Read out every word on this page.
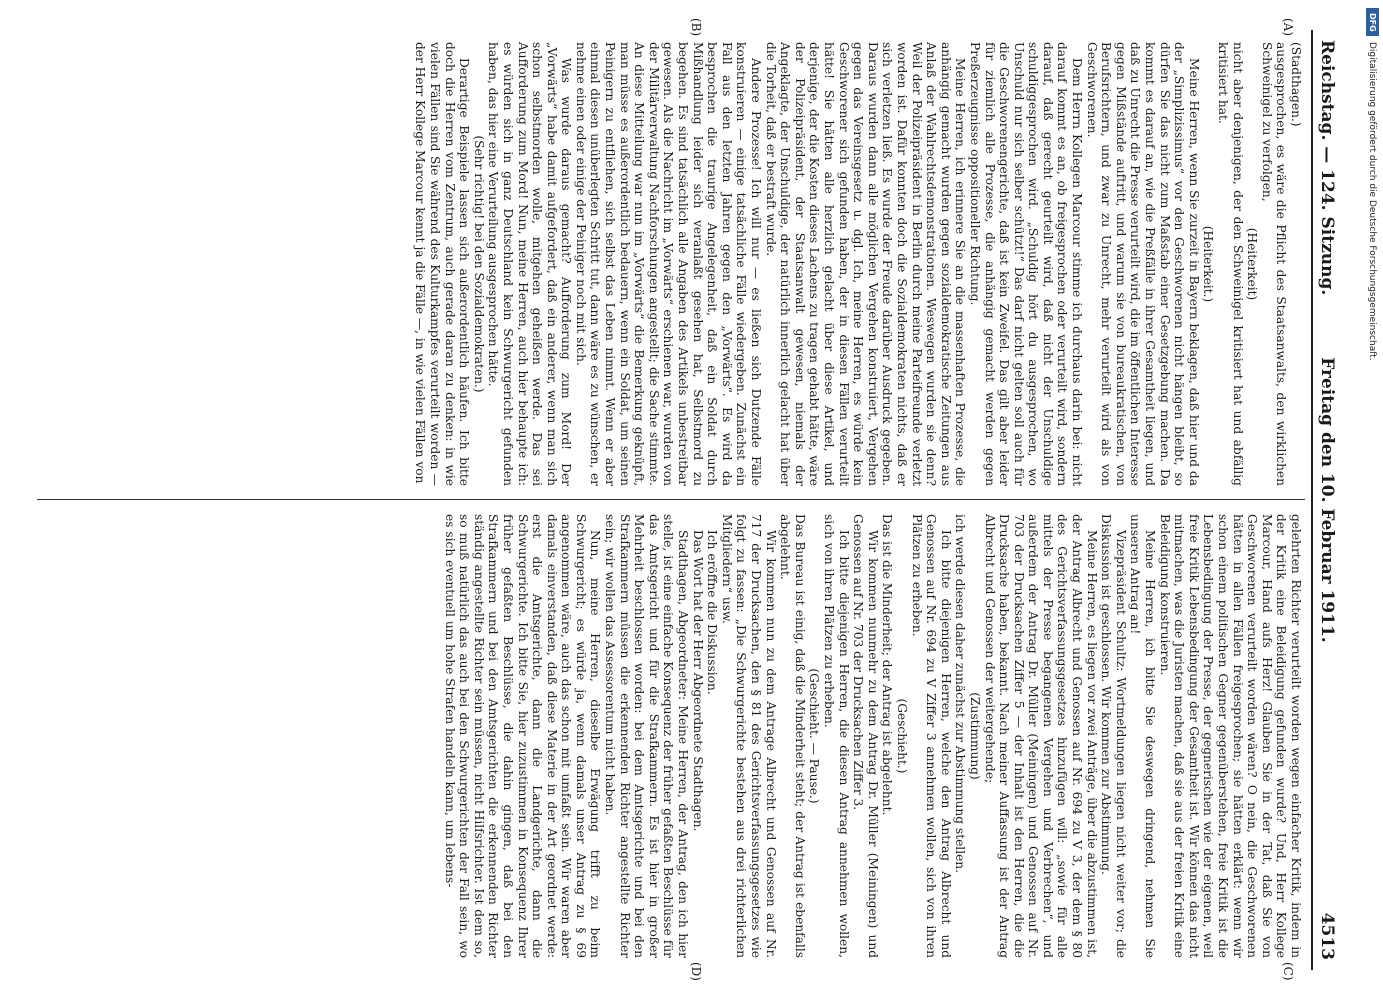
Reichstag. — 124. Sitzung.
Freitag den 10. Februar 1911.
4513
(A)
(B)
(C)
(D)

(Stadthagen.)

ausgesprochen, es wäre die Pflicht des Staatsanwalts, den wirklichen Schweinigel zu verfolgen,

(Heiterkeit)

nicht aber denjenigen, der den Schweinigel kritisiert hat und abfällig kritisiert hat.

(Heiterkeit.)

Meine Herren, wenn Sie zurzeit in Bayern beklagen, daß hier und da der „Simplizissimus“ vor den Geschworenen nicht hängen bleibt, so dürfen Sie das nicht zum Maßstab einer Gesetzgebung machen. Da kommt es darauf an, wie die Preßfälle in ihrer Gesamtheit liegen, und daß zu Unrecht die Presse verurteilt wird, die im öffentlichen Interesse gegen Mißstände auftritt, und warum sie von bureaukratischen, von Berufsrichtern, und zwar zu Unrecht, mehr verurteilt wird als von Geschworenen.

Dem Herrn Kollegen Marcour stimme ich durchaus darin bei: nicht darauf kommt es an, ob freigesprochen oder verurteilt wird, sondern darauf, daß gerecht geurteilt wird, daß nicht der Unschuldige schuldiggesprochen wird. „Schuldig hört du ausgesprochen, wo Unschuld nur sich selber schützt!“ Das darf nicht gelten soll auch für die Geschworenengerichte, daß ist kein Zweifel. Das gilt aber leider für ziemlich alle Prozesse, die anhängig gemacht werden gegen Preßerzeugnisse oppositioneller Richtung.

Meine Herren, ich erinnere Sie an die massenhaften Prozesse, die anhängig gemacht wurden gegen sozialdemokratische Zeitungen aus Anlaß der Wahlrechtsdemonstrationen. Weswegen wurden sie denn? Weil der Polizeipräsident in Berlin durch meine Parteifreunde verletzt worden ist. Dafür konnten doch die Sozialdemokraten nichts, daß er sich verletzen ließ. Es wurde der Freude darüber Ausdruck gegeben. Daraus wurden dann alle möglichen Vergehen konstruiert, Vergehen gegen das Vereinsgesetz u. dgl. Ich, meine Herren, es würde kein Geschworener sich gefunden haben, der in diesen Fällen verurteilt hätte! Sie hätten alle herzlich gelacht über diese Artikel, und derjenige, der die Kosten dieses Lachens zu tragen gehabt hätte, wäre der Polizeipräsident, der Staatsanwalt gewesen, niemals der Angeklagte, der Unschuldige, der natürlich innerlich gelacht hat über die Torheit, daß er bestraft wurde.

Andere Prozesse! Ich will nur — es ließen sich Dutzende Fälle konstruieren — einige tatsächliche Fälle wiedergeben. Zunächst ein Fall aus den letzten Jahren gegen den „Vorwärts“. Es wird da besprochen die traurige Angelegenheit, daß ein Soldat durch Mißhandlung leider sich veranlaßt gesehen hat, Selbstmord zu begehen. Es sind tatsächlich alle Angaben des Artikels unbestreitbar gewesen. Als die Nachricht im „Vorwärts“ erschienen war, wurden von der Militärverwaltung Nachforschungen angestellt; die Sache stimmte. An diese Mitteilung war nun im „Vorwärts“ die Bemerkung geknüpft, man müsse es außerordentlich bedauern, wenn ein Soldat, um seinen Peinigern zu entfliehen, sich selbst das Leben nimmt. Wenn er aber einmal diesen unüberlegten Schritt tut, dann wäre es zu wünschen, er nehme einen oder einige der Peiniger noch mit sich.

Was wurde daraus gemacht? Aufforderung zum Mord! Der „Vorwärts“ habe damit aufgefordert, daß ein anderer, wenn man sich schon selbstmorden wolle, mitgehen geheißen werde. Das sei Aufforderung zum Mord! Nun, meine Herren, auch hier behaupte ich: es würden sich in ganz Deutschland kein Schwurgericht gefunden haben, das hier eine Verurteilung ausgesprochen hätte.

(Sehr richtig! bei den Sozialdemokraten.)

Derartige Beispiele lassen sich außerordentlich häufen. Ich bitte doch die Herren vom Zentrum, auch gerade daran zu denken: in wie vielen Fällen sind Sie während des Kulturkampfes verurteilt worden — der Herr Kollege Marcour kennt ja die Fälle —, in wie vielen Fällen von

gelehrten Richter verurteilt worden wegen einfacher Kritik, indem in der Kritik eine Beleidigung gefunden wurde? Und, Herr Kollege Marcour, Hand aufs Herz! Glauben Sie in der Tat, daß Sie von Geschworenen verurteilt worden wären? O nein, die Geschworenen hätten in allen Fällen freigesprochen; sie hätten erklärt: wenn wir schon einem politischen Gegner gegenüberstehen, freie Kritik ist die Lebensbedingung der Presse, der gegnerischen wie der eigenen, weil freie Kritik Lebensbedingung der Gesamtheit ist. Wir können das nicht mitmachen, was die Juristen machen, daß sie aus der freien Kritik eine Beleidigung konstruieren.

Meine Herren, ich bitte Sie deswegen dringend, nehmen Sie unseren Antrag an!

Vizepräsident Schultz: Wortmeldungen liegen nicht weiter vor; die Diskussion ist geschlossen. Wir kommen zur Abstimmung.

Meine Herren, es liegen vor zwei Anträge, über die abzustimmen ist, der Antrag Albrecht und Genossen auf Nr. 694 zu V 3, der dem § 80 des Gerichtsverfassungsgesetzes hinzufügen will: „sowie für alle mittels der Presse begangenen Vergehen und Verbrechen“, und außerdem der Antrag Dr. Müller (Meiningen) und Genossen auf Nr. 703 der Drucksachen Ziffer 5 — der Inhalt ist den Herren, die die Drucksache haben, bekannt. Nach meiner Auffassung ist der Antrag Albrecht und Genossen der weitergehende;

(Zustimmung)

ich werde diesen daher zunächst zur Abstimmung stellen.

Ich bitte diejenigen Herren, welche den Antrag Albrecht und Genossen auf Nr. 694 zu V Ziffer 3 annehmen wollen, sich von ihren Plätzen zu erheben.

(Geschieht.)

Das ist die Minderheit; der Antrag ist abgelehnt.

Wir kommen nunmehr zu dem Antrag Dr. Müller (Meiningen) und Genossen auf Nr. 703 der Drucksachen Ziffer 3.

Ich bitte diejenigen Herren, die diesen Antrag annehmen wollen, sich von ihren Plätzen zu erheben.

(Geschieht. — Pause.)

Das Bureau ist einig, daß die Minderheit steht; der Antrag ist ebenfalls abgelehnt.

Wir kommen nun zu dem Antrage Albrecht und Genossen auf Nr. 717 der Drucksachen, den § 81 des Gerichtsverfassungsgesetzes wie folgt zu fassen: „Die Schwurgerichte bestehen aus drei richterlichen Mitgliedern“ usw.

Ich eröffne die Diskussion.

Das Wort hat der Herr Abgeordnete Stadthagen.

Stadthagen, Abgeordneter: Meine Herren, der Antrag, den ich hier stelle, ist eine einfache Konsequenz der früher gefaßten Beschlüsse für das Amtsgericht und für die Strafkammern. Es ist hier in großer Mehrheit beschlossen worden: bei dem Amtsgerichte und bei den Strafkammern müssen die erkennenden Richter angestellte Richter sein; wir wollen das Assessorentum nicht haben.

Nun, meine Herren, dieselbe Erwägung trifft zu beim Schwurgericht; es würde ja, wenn damals unser Antrag zu § 69 angenommen wäre, auch das schon mit umfaßt sein. Wir waren aber damals einverstanden, daß diese Materie in der Art geordnet werde: erst die Amtsgerichte, dann die Landgerichte, dann die Schwurgerichte. Ich bitte Sie, hier zuzustimmen in Konsequenz Ihrer früher gefaßten Beschlüsse, die dahin gingen, daß bei den Strafkammern und bei den Amtsgerichten die erkennenden Richter ständig angestellte Richter sein müssen, nicht Hilfsrichter. Ist dem so, so muß natürlich das auch bei den Schwurgerichten der Fall sein, wo es sich eventuell um hohe Strafen handeln kann, um lebens-

DFG
Digitalisierung gefördert durch die Deutsche Forschungsgemeinschaft.
